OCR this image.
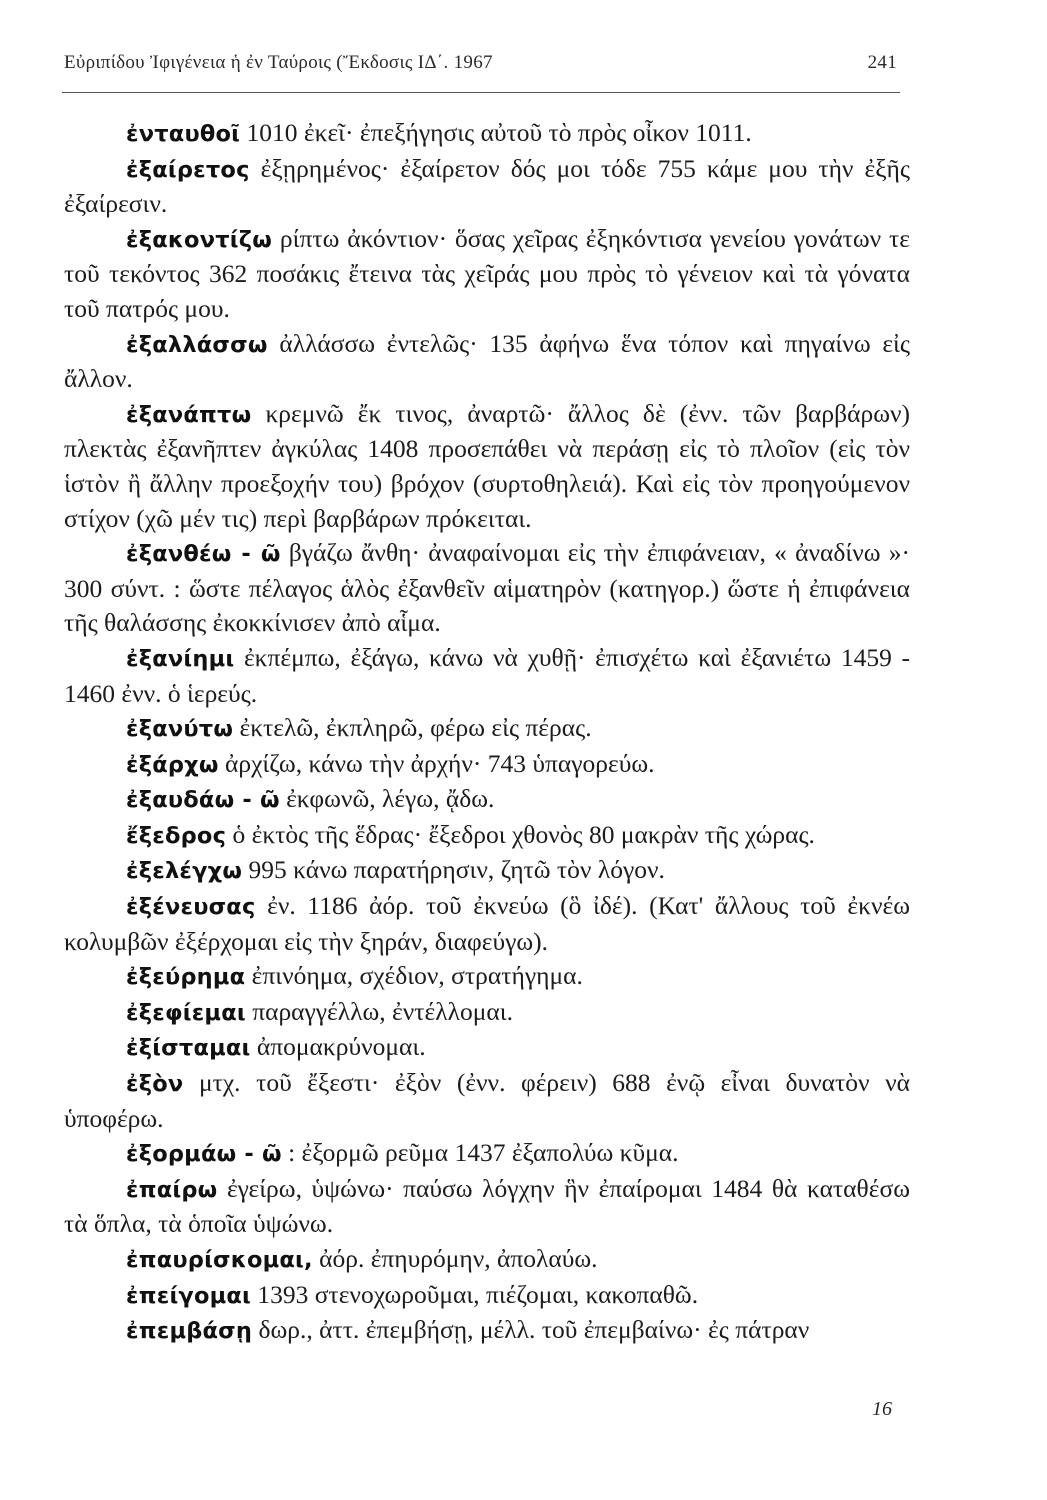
Εὐριπίδου Ἰφιγένεια ἡ ἐν Ταύροις (Ἔκδοσις ΙΔ΄. 1967	241

ἐνταυθοῖ 1010 ἐκεῖ· ἐπεξήγησις αὐτοῦ τὸ πρὸς οἶκον 1011.

ἐξαίρετος ἐξῃρημένος· ἐξαίρετον δός μοι τόδε 755 κάμε μου τὴν ἐξῆς ἐξαίρεσιν.

ἐξακοντίζω ρίπτω ἀκόντιον· ὅσας χεῖρας ἐξηκόντισα γενείου γονάτων τε τοῦ τεκόντος 362 ποσάκις ἔτεινα τὰς χεῖράς μου πρὸς τὸ γένειον καὶ τὰ γόνατα τοῦ πατρός μου.

ἐξαλλάσσω ἀλλάσσω ἐντελῶς· 135 ἀφήνω ἕνα τόπον καὶ πηγαίνω εἰς ἄλλον.

ἐξανάπτω κρεμνῶ ἔκ τινος, ἀναρτῶ· ἄλλος δὲ (ἐνν. τῶν βαρβάρων) πλεκτὰς ἐξανῆπτεν ἀγκύλας 1408 προσεπάθει νὰ περάσῃ εἰς τὸ πλοῖον (εἰς τὸν ἱστὸν ἢ ἄλλην προεξοχήν του) βρόχον (συρτοθηλειά). Καὶ εἰς τὸν προηγούμενον στίχον (χῶ μέν τις) περὶ βαρβάρων πρόκειται.

ἐξανθέω - ῶ βγάζω ἄνθη· ἀναφαίνομαι εἰς τὴν ἐπιφάνειαν, « ἀναδίνω »· 300 σύντ. : ὥστε πέλαγος ἁλὸς ἐξανθεῖν αἱματηρὸν (κατηγορ.) ὥστε ἡ ἐπιφάνεια τῆς θαλάσσης ἐκοκκίνισεν ἀπὸ αἷμα.

ἐξανίημι ἐκπέμπω, ἐξάγω, κάνω νὰ χυθῇ· ἐπισχέτω καὶ ἐξανιέτω 1459 - 1460 ἐνν. ὁ ἱερεύς.

ἐξανύτω ἐκτελῶ, ἐκπληρῶ, φέρω εἰς πέρας.

ἐξάρχω ἀρχίζω, κάνω τὴν ἀρχήν· 743 ὑπαγορεύω.

ἐξαυδάω - ῶ ἐκφωνῶ, λέγω, ᾄδω.

ἔξεδρος ὁ ἐκτὸς τῆς ἕδρας· ἔξεδροι χθονὸς 80 μακρὰν τῆς χώρας.

ἐξελέγχω 995 κάνω παρατήρησιν, ζητῶ τὸν λόγον.

ἐξένευσας ἐν. 1186 ἀόρ. τοῦ ἐκνεύω (ὃ ἰδέ). (Κατ' ἄλλους τοῦ ἐκνέω κολυμβῶν ἐξέρχομαι εἰς τὴν ξηράν, διαφεύγω).

ἐξεύρημα ἐπινόημα, σχέδιον, στρατήγημα.

ἐξεφίεμαι παραγγέλλω, ἐντέλλομαι.

ἐξίσταμαι ἀπομακρύνομαι.

ἐξὸν μτχ. τοῦ ἔξεστι· ἐξὸν (ἐνν. φέρειν) 688 ἐνῷ εἶναι δυνατὸν νὰ ὑποφέρω.

ἐξορμάω - ῶ : ἐξορμῶ ρεῦμα 1437 ἐξαπολύω κῦμα.

ἐπαίρω ἐγείρω, ὑψώνω· παύσω λόγχην ἣν ἐπαίρομαι 1484 θὰ καταθέσω τὰ ὅπλα, τὰ ὁποῖα ὑψώνω.

ἐπαυρίσκομαι, ἀόρ. ἐπηυρόμην, ἀπολαύω.

ἐπείγομαι 1393 στενοχωροῦμαι, πιέζομαι, κακοπαθῶ.

ἐπεμβάσῃ δωρ., ἀττ. ἐπεμβήσῃ, μέλλ. τοῦ ἐπεμβαίνω· ἐς πάτραν

16
